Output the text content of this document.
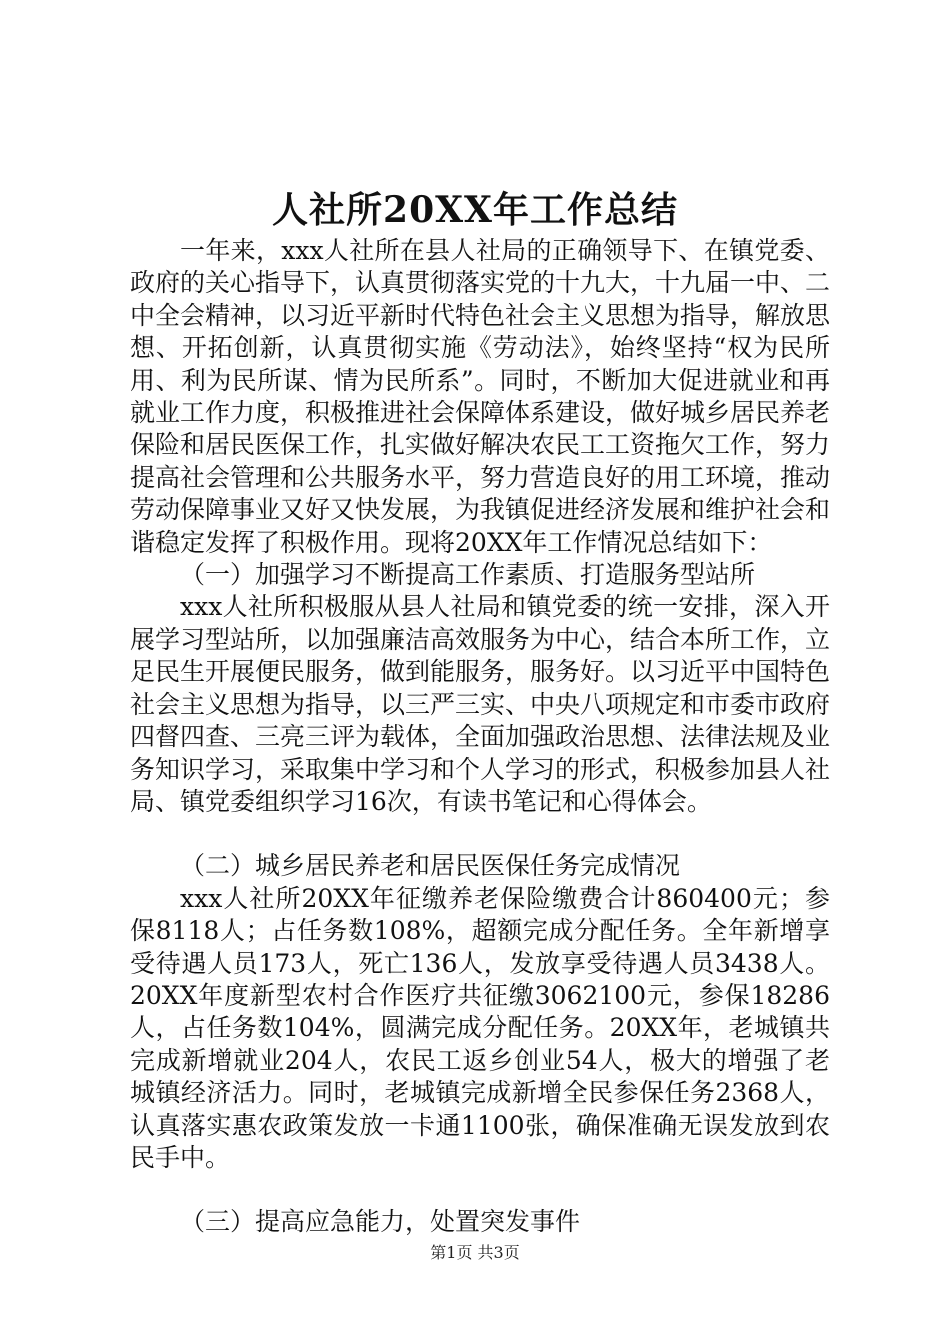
人社所20XX年工作总结

一年来，xxx人社所在县人社局的正确领导下、在镇党委、政府的关心指导下，认真贯彻落实党的十九大，十九届一中、二中全会精神，以习近平新时代特色社会主义思想为指导，解放思想、开拓创新，认真贯彻实施《劳动法》，始终坚持“权为民所用、利为民所谋、情为民所系”。同时，不断加大促进就业和再就业工作力度，积极推进社会保障体系建设，做好城乡居民养老保险和居民医保工作，扎实做好解决农民工工资拖欠工作，努力提高社会管理和公共服务水平，努力营造良好的用工环境，推动劳动保障事业又好又快发展，为我镇促进经济发展和维护社会和谐稳定发挥了积极作用。现将20XX年工作情况总结如下：

（一）加强学习不断提高工作素质、打造服务型站所

xxx人社所积极服从县人社局和镇党委的统一安排，深入开展学习型站所，以加强廉洁高效服务为中心，结合本所工作，立足民生开展便民服务，做到能服务，服务好。以习近平中国特色社会主义思想为指导，以三严三实、中央八项规定和市委市政府四督四查、三亮三评为载体，全面加强政治思想、法律法规及业务知识学习，采取集中学习和个人学习的形式，积极参加县人社局、镇党委组织学习16次，有读书笔记和心得体会。

（二）城乡居民养老和居民医保任务完成情况

xxx人社所20XX年征缴养老保险缴费合计860400元；参保8118人；占任务数108%，超额完成分配任务。全年新增享受待遇人员173人，死亡136人，发放享受待遇人员3438人。20XX年度新型农村合作医疗共征缴3062100元，参保18286人，占任务数104%，圆满完成分配任务。20XX年，老城镇共完成新增就业204人，农民工返乡创业54人，极大的增强了老城镇经济活力。同时，老城镇完成新增全民参保任务2368人，认真落实惠农政策发放一卡通1100张，确保准确无误发放到农民手中。

（三）提高应急能力，处置突发事件

第1页 共3页
